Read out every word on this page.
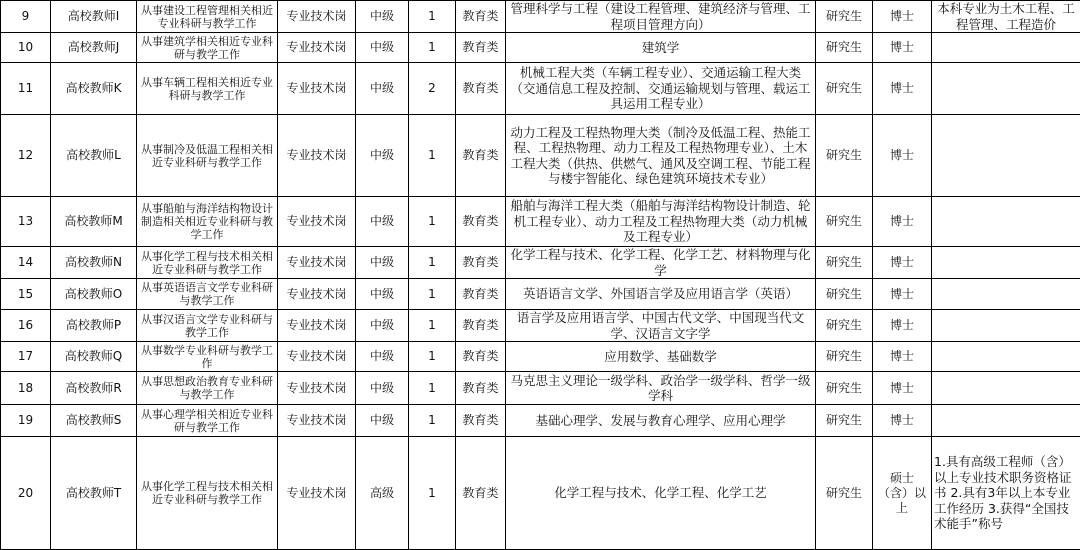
9	高校教师I	从事建设工程管理相关相近专业科研与教学工作	专业技术岗	中级	1	教育类	管理科学与工程（建设工程管理、建筑经济与管理、工程项目管理方向）	研究生	博士	本科专业为土木工程、工程管理、工程造价
10	高校教师J	从事建筑学相关相近专业科研与教学工作	专业技术岗	中级	1	教育类	建筑学	研究生	博士	
11	高校教师K	从事车辆工程相关相近专业科研与教学工作	专业技术岗	中级	2	教育类	机械工程大类（车辆工程专业）、交通运输工程大类（交通信息工程及控制、交通运输规划与管理、载运工具运用工程专业）	研究生	博士	
12	高校教师L	从事制冷及低温工程相关相近专业科研与教学工作	专业技术岗	中级	1	教育类	动力工程及工程热物理大类（制冷及低温工程、热能工程、工程热物理、动力工程及工程热物理专业）、土木工程大类（供热、供燃气、通风及空调工程、节能工程与楼宇智能化、绿色建筑环境技术专业）	研究生	博士	
13	高校教师M	从事船舶与海洋结构物设计制造相关相近专业科研与教学工作	专业技术岗	中级	1	教育类	船舶与海洋工程大类（船舶与海洋结构物设计制造、轮机工程专业）、动力工程及工程热物理大类（动力机械及工程专业）	研究生	博士	
14	高校教师N	从事化学工程与技术相关相近专业科研与教学工作	专业技术岗	中级	1	教育类	化学工程与技术、化学工程、化学工艺、材料物理与化学	研究生	博士	
15	高校教师O	从事英语语言文学专业科研与教学工作	专业技术岗	中级	1	教育类	英语语言文学、外国语言学及应用语言学（英语）	研究生	博士	
16	高校教师P	从事汉语言文学专业科研与教学工作	专业技术岗	中级	1	教育类	语言学及应用语言学、中国古代文学、中国现当代文学、汉语言文字学	研究生	博士	
17	高校教师Q	从事数学专业科研与教学工作	专业技术岗	中级	1	教育类	应用数学、基础数学	研究生	博士	
18	高校教师R	从事思想政治教育专业科研与教学工作	专业技术岗	中级	1	教育类	马克思主义理论一级学科、政治学一级学科、哲学一级学科	研究生	博士	
19	高校教师S	从事心理学相关相近专业科研与教学工作	专业技术岗	中级	1	教育类	基础心理学、发展与教育心理学、应用心理学	研究生	博士	
20	高校教师T	从事化学工程与技术相关相近专业科研与教学工作	专业技术岗	高级	1	教育类	化学工程与技术、化学工程、化学工艺	研究生	硕士（含）以上	1.具有高级工程师（含）以上专业技术职务资格证书 2.具有3年以上本专业工作经历 3.获得“全国技术能手”称号
